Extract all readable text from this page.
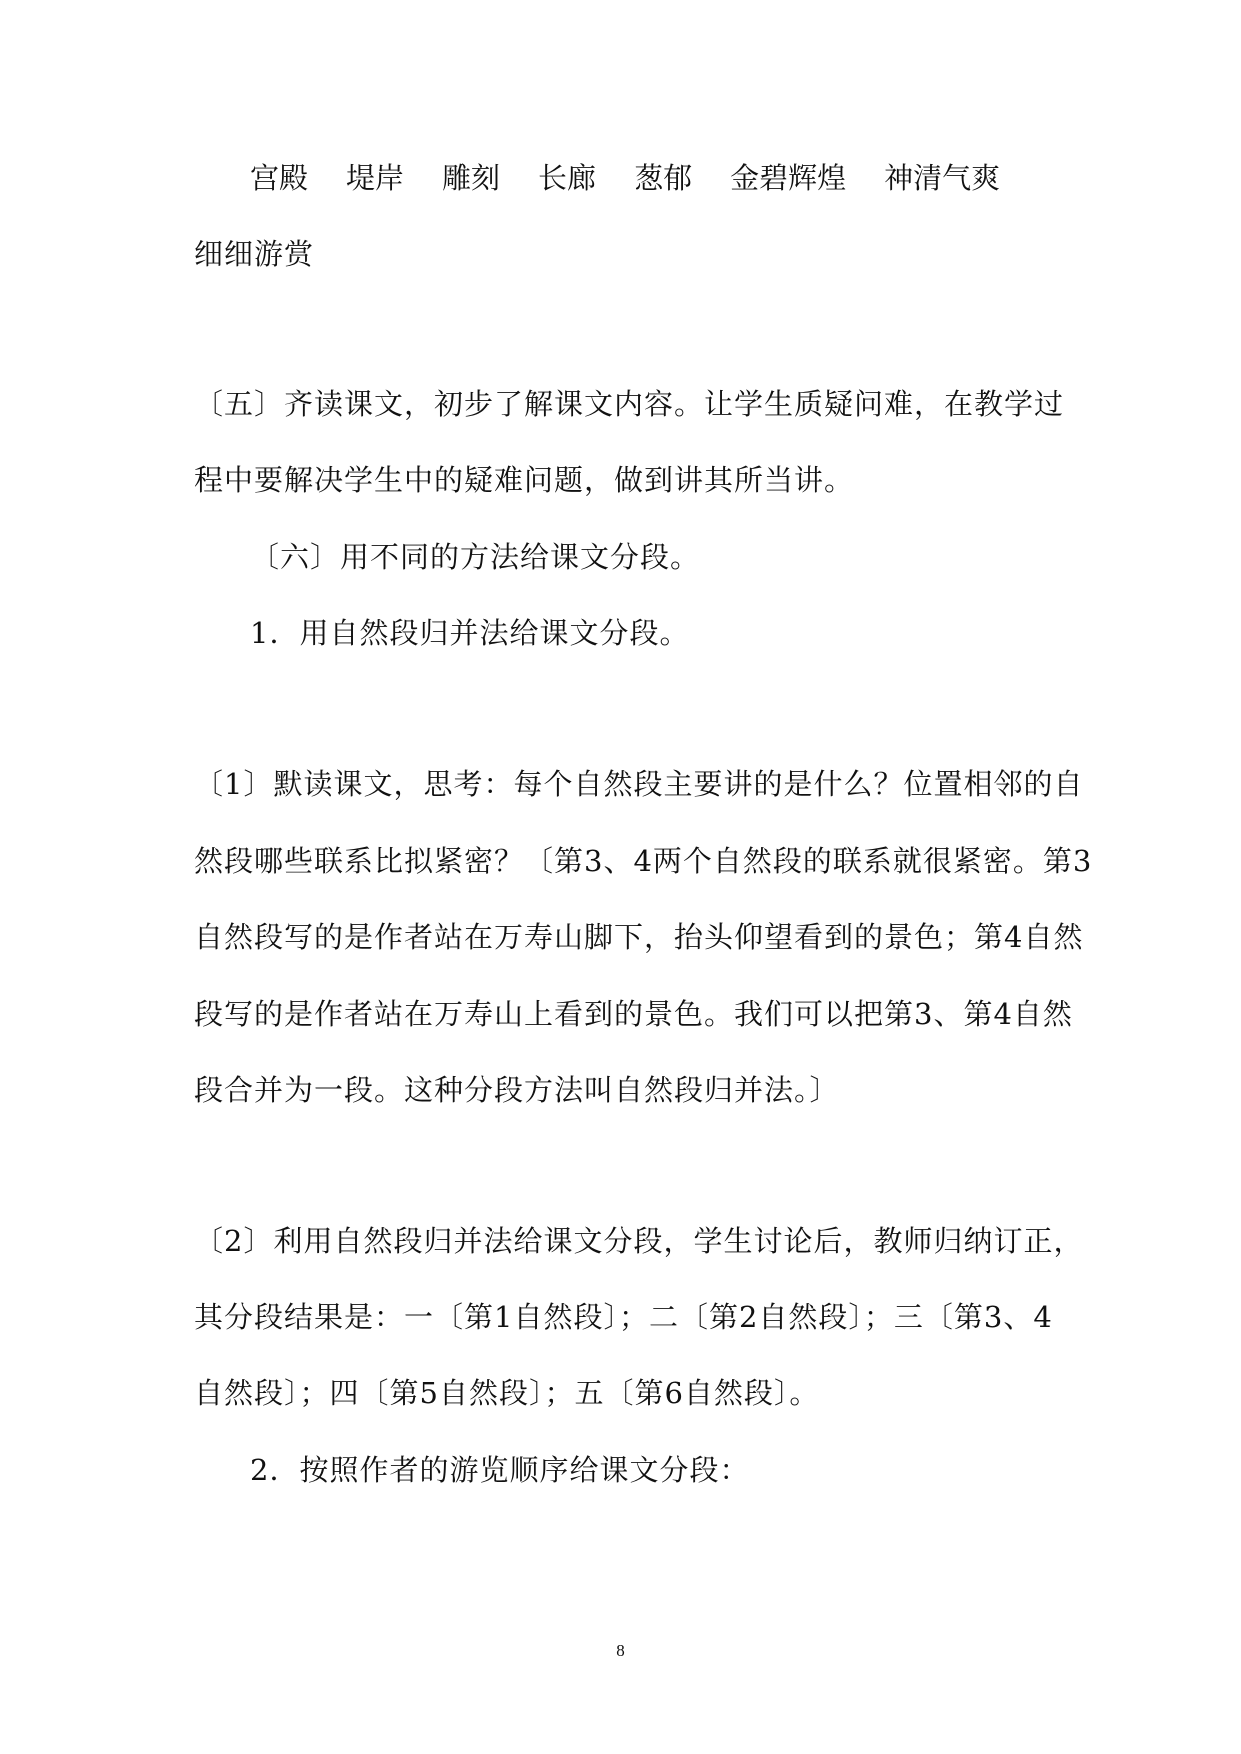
宫殿 堤岸 雕刻 长廊 葱郁 金碧辉煌 神清气爽
细细游赏
〔五〕齐读课文，初步了解课文内容。让学生质疑问难，在教学过
程中要解决学生中的疑难问题，做到讲其所当讲。
〔六〕用不同的方法给课文分段。
1．用自然段归并法给课文分段。
〔1〕默读课文，思考：每个自然段主要讲的是什么？位置相邻的自
然段哪些联系比拟紧密？〔第3、4两个自然段的联系就很紧密。第3
自然段写的是作者站在万寿山脚下，抬头仰望看到的景色；第4自然
段写的是作者站在万寿山上看到的景色。我们可以把第3、第4自然
段合并为一段。这种分段方法叫自然段归并法。〕
〔2〕利用自然段归并法给课文分段，学生讨论后，教师归纳订正，
其分段结果是：一〔第1自然段〕；二〔第2自然段〕；三〔第3、4
自然段〕；四〔第5自然段〕；五〔第6自然段〕。
2．按照作者的游览顺序给课文分段：
8
